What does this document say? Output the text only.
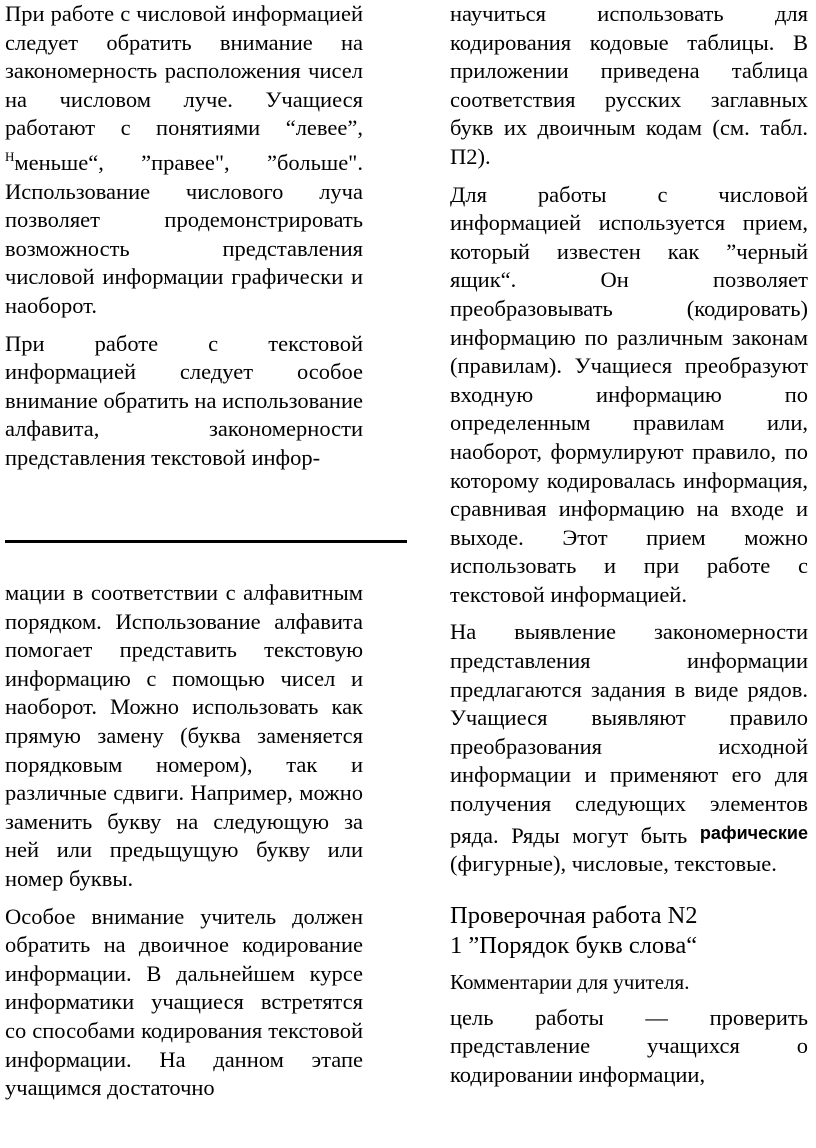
При работе с числовой информацией следует обратить внимание на закономерность расположения чисел на числовом луче. Учащиеся работают с понятиями “левее”, $^Н$меньше“, ”правее", ”больше". Использование числового луча позволяет продемонстрировать возможность представления числовой информации графически и наоборот.

При работе с текстовой информацией следует особое внимание обратить на использование алфавита, закономерности представления текстовой инфор-

мации в соответствии с алфавитным порядком. Использование алфавита помогает представить текстовую информацию с помощью чисел и наоборот. Можно использовать как прямую замену (буква заменяется порядковым номером), так и различные сдвиги. Например, можно заменить букву на следующую за ней или предьщущую букву или номер буквы.

Особое внимание учитель должен обратить на двоичное кодирование информации. В дальнейшем курсе информатики учащиеся встретятся со способами кодирования текстовой информации. На данном этапе учащимся достаточно

научиться использовать для кодирования кодовые таблицы. В приложении приведена таблица соответствия русских заглавных букв их двоичным кодам (см. табл. П2).

Для работы с числовой информацией используется прием, который известен как ”черный ящик“. Он позволяет преобразовывать (кодировать) информацию по различным законам (правилам). Учащиеся преобразуют входную информацию по определенным правилам или, наоборот, формулируют правило, по которому кодировалась информация, сравнивая информацию на входе и выходе. Этот прием можно использовать и при работе с текстовой информацией.

На выявление закономерности представления информации предлагаются задания в виде рядов. Учащиеся выявляют правило преобразования исходной информации и применяют его для получения следующих элементов ряда. Ряды могут быть рафические (фигурные), числовые, текстовые.

Проверочная работа N2
1 ”Порядок букв слова“
Комментарии для учителя.

цель работы — проверить представление учащихся о кодировании информации,
